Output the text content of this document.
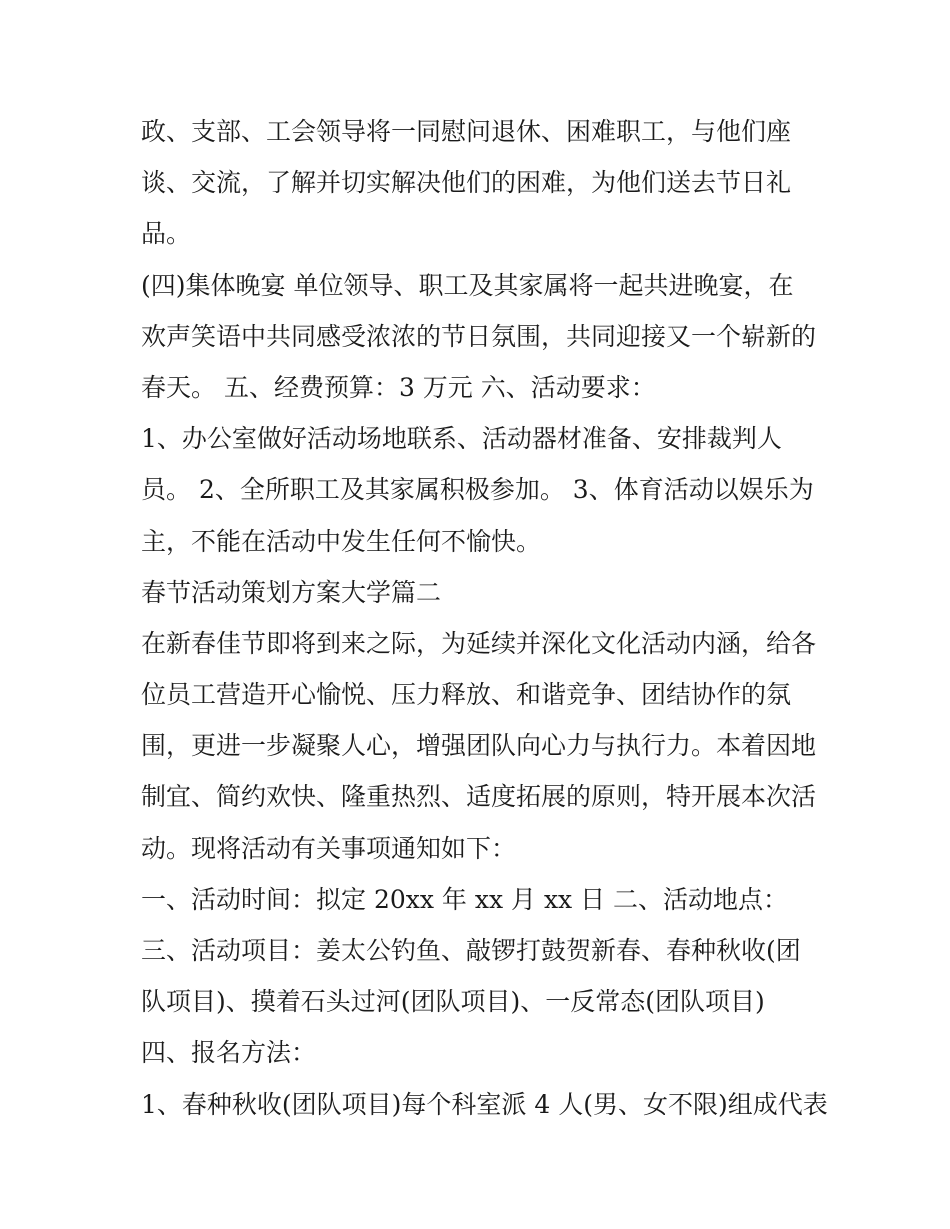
政、支部、工会领导将一同慰问退休、困难职工，与他们座
谈、交流，了解并切实解决他们的困难，为他们送去节日礼
品。
(四)集体晚宴 单位领导、职工及其家属将一起共进晚宴，在
欢声笑语中共同感受浓浓的节日氛围，共同迎接又一个崭新的
春天。 五、经费预算：3 万元 六、活动要求：
1、办公室做好活动场地联系、活动器材准备、安排裁判人
员。 2、全所职工及其家属积极参加。 3、体育活动以娱乐为
主，不能在活动中发生任何不愉快。
春节活动策划方案大学篇二
在新春佳节即将到来之际，为延续并深化文化活动内涵，给各
位员工营造开心愉悦、压力释放、和谐竞争、团结协作的氛
围，更进一步凝聚人心，增强团队向心力与执行力。本着因地
制宜、简约欢快、隆重热烈、适度拓展的原则，特开展本次活
动。现将活动有关事项通知如下：
一、活动时间：拟定 20xx 年 xx 月 xx 日 二、活动地点：
三、活动项目：姜太公钓鱼、敲锣打鼓贺新春、春种秋收(团
队项目)、摸着石头过河(团队项目)、一反常态(团队项目)
四、报名方法：
1、春种秋收(团队项目)每个科室派 4 人(男、女不限)组成代表
